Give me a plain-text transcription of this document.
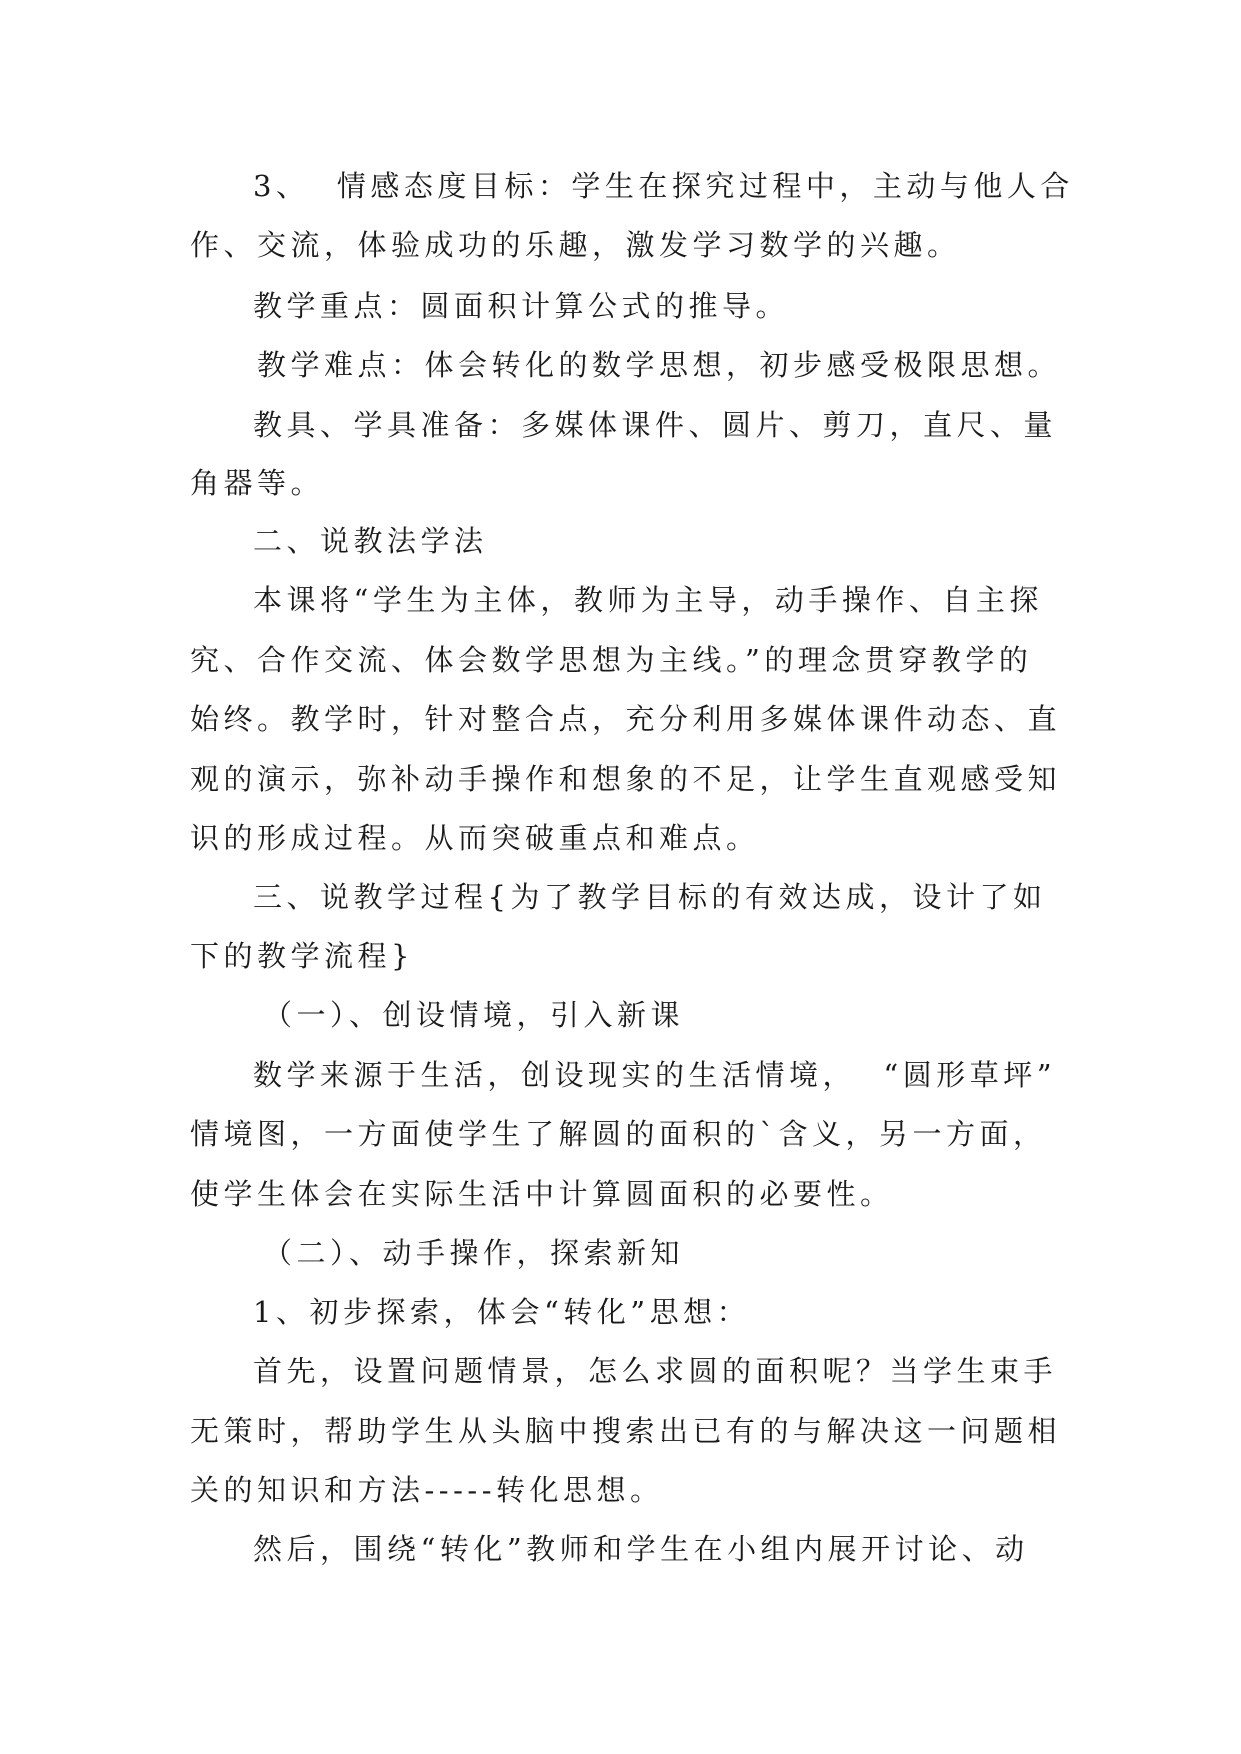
3、  情感态度目标：学生在探究过程中，主动与他人合
作、交流，体验成功的乐趣，激发学习数学的兴趣。
教学重点：圆面积计算公式的推导。
教学难点：体会转化的数学思想，初步感受极限思想。
教具、学具准备：多媒体课件、圆片、剪刀，直尺、量
角器等。
二、说教法学法
本课将“学生为主体，教师为主导，动手操作、自主探
究、合作交流、体会数学思想为主线。”的理念贯穿教学的
始终。教学时，针对整合点，充分利用多媒体课件动态、直
观的演示，弥补动手操作和想象的不足，让学生直观感受知
识的形成过程。从而突破重点和难点。
三、说教学过程{为了教学目标的有效达成，设计了如
下的教学流程}
（一）、创设情境，引入新课
数学来源于生活，创设现实的生活情境，  “圆形草坪”
情境图，一方面使学生了解圆的面积的`含义，另一方面，
使学生体会在实际生活中计算圆面积的必要性。
（二）、动手操作，探索新知
1、初步探索，体会“转化”思想：
首先，设置问题情景，怎么求圆的面积呢？当学生束手
无策时，帮助学生从头脑中搜索出已有的与解决这一问题相
关的知识和方法-----转化思想。
然后，围绕“转化”教师和学生在小组内展开讨论、动
